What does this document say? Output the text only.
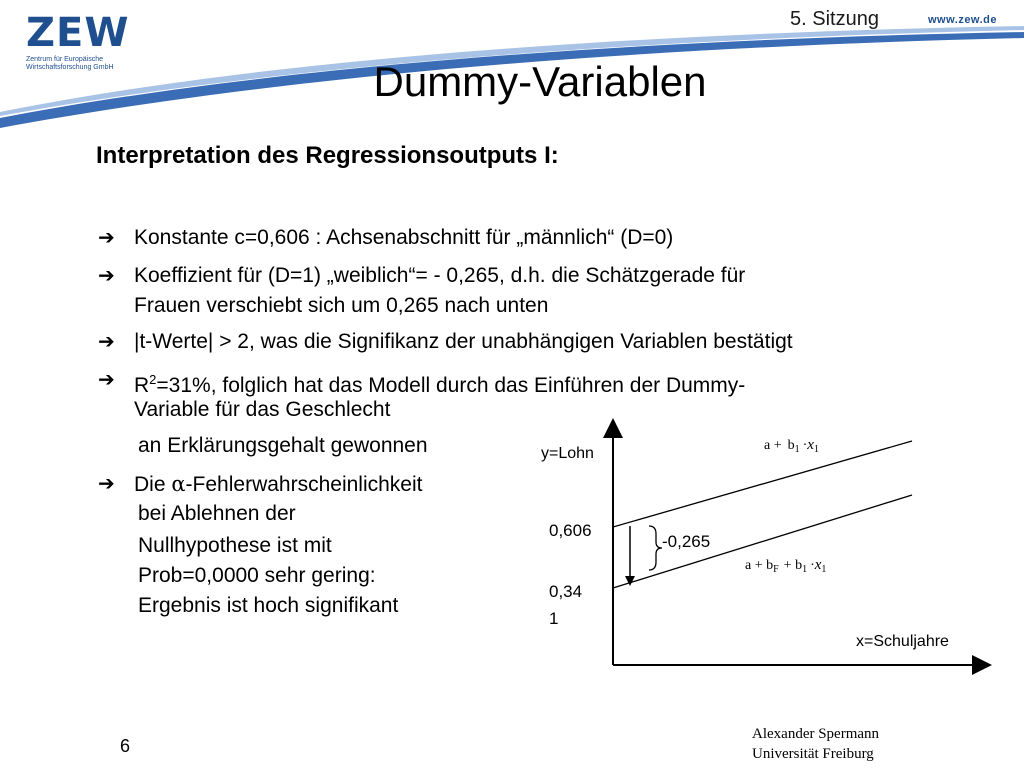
ZEW
Zentrum für Europäische
Wirtschaftsforschung GmbH
5. Sitzung	www.zew.de
Dummy-Variablen
Interpretation des Regressionsoutputs I:
➔ Konstante c=0,606 : Achsenabschnitt für „männlich“ (D=0)
➔ Koeffizient für (D=1) „weiblich“= - 0,265, d.h. die Schätzgerade für
Frauen verschiebt sich um 0,265 nach unten
➔ |t-Werte| > 2, was die Signifikanz der unabhängigen Variablen bestätigt
➔ $R^2=31\%$, folglich hat das Modell durch das Einführen der Dummy-
Variable für das Geschlecht
an Erklärungsgehalt gewonnen
➔ Die α-Fehlerwahrscheinlichkeit
bei Ablehnen der
Nullhypothese ist mit
Prob=0,0000 sehr gering:
Ergebnis ist hoch signifikant
y=Lohn
x=Schuljahre
0,606
0,34
1
-0,265
$a + b_1 \cdot x_1$
$a + b_F + b_1 \cdot x_1$
6
Alexander Spermann
Universität Freiburg
